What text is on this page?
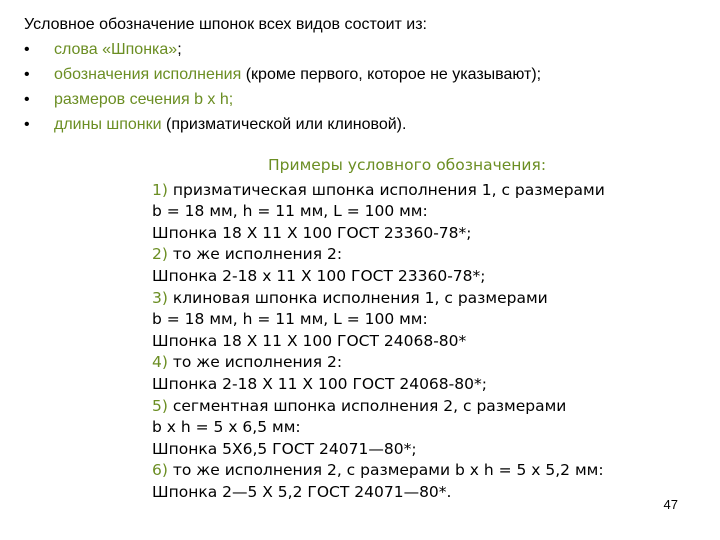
Условное обозначение шпонок всех видов состоит из:
• слова «Шпонка»;
• обозначения исполнения (кроме первого, которое не указывают);
• размеров сечения b х h;
• длины шпонки (призматической или клиновой).
Примеры условного обозначения:
1) призматическая шпонка исполнения 1, с размерами
b = 18 мм, h = 11 мм, L = 100 мм:
Шпонка 18 X 11 X 100 ГОСТ 23360-78*;
2) то же исполнения 2:
Шпонка 2-18 х 11 X 100 ГОСТ 23360-78*;
3) клиновая шпонка исполнения 1, с размерами
b = 18 мм, h = 11 мм, L = 100 мм:
Шпонка 18 X 11 X 100 ГОСТ 24068-80*
4) то же исполнения 2:
Шпонка 2-18 X 11 X 100 ГОСТ 24068-80*;
5) сегментная шпонка исполнения 2, с размерами
b х h = 5 х 6,5 мм:
Шпонка 5Х6,5 ГОСТ 24071—80*;
6) то же исполнения 2, с размерами b х h = 5 х 5,2 мм:
Шпонка 2—5 X 5,2 ГОСТ 24071—80*.
47
